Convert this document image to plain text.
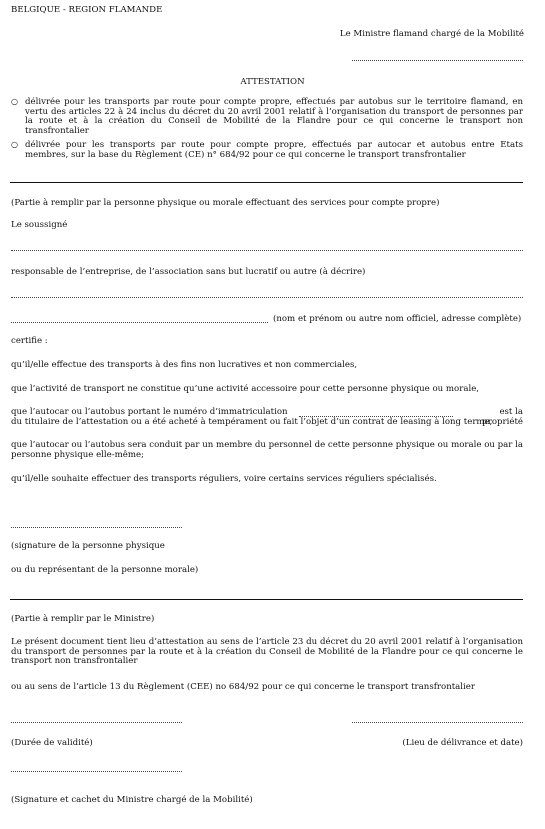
BELGIQUE - REGION FLAMANDE
Le Ministre flamand chargé de la Mobilité
ATTESTATION
○ délivrée pour les transports par route pour compte propre, effectués par autobus sur le territoire flamand, en vertu des articles 22 à 24 inclus du décret du 20 avril 2001 relatif à l’organisation du transport de personnes par la route et à la création du Conseil de Mobilité de la Flandre pour ce qui concerne le transport non transfrontalier
○ délivrée pour les transports par route pour compte propre, effectués par autocar et autobus entre Etats membres, sur la base du Règlement (CE) n° 684/92 pour ce qui concerne le transport transfrontalier
(Partie à remplir par la personne physique ou morale effectuant des services pour compte propre)
Le soussigné
responsable de l’entreprise, de l’association sans but lucratif ou autre (à décrire)
(nom et prénom ou autre nom officiel, adresse complète)
certifie :
qu’il/elle effectue des transports à des fins non lucratives et non commerciales,
que l’activité de transport ne constitue qu’une activité accessoire pour cette personne physique ou morale,
que l’autocar ou l’autobus portant le numéro d’immatriculation	est la propriété
du titulaire de l’attestation ou a été acheté à tempérament ou fait l’objet d’un contrat de leasing à long terme,
que l’autocar ou l’autobus sera conduit par un membre du personnel de cette personne physique ou morale ou par la personne physique elle-même;
qu’il/elle souhaite effectuer des transports réguliers, voire certains services réguliers spécialisés.
(signature de la personne physique
ou du représentant de la personne morale)
(Partie à remplir par le Ministre)
Le présent document tient lieu d’attestation au sens de l’article 23 du décret du 20 avril 2001 relatif à l’organisation du transport de personnes par la route et à la création du Conseil de Mobilité de la Flandre pour ce qui concerne le transport non transfrontalier
ou au sens de l’article 13 du Règlement (CEE) no 684/92 pour ce qui concerne le transport transfrontalier
(Durée de validité)	(Lieu de délivrance et date)
(Signature et cachet du Ministre chargé de la Mobilité)
